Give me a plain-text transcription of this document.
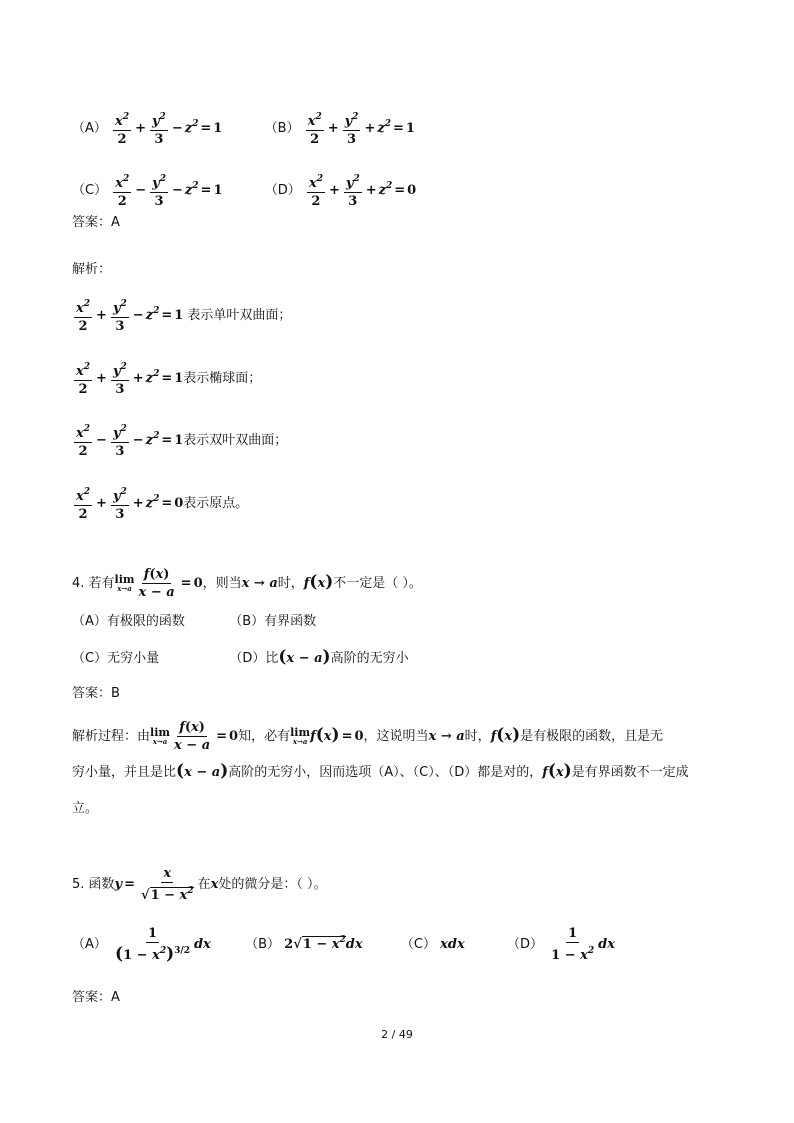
$(A) \frac{x^2}{2} + \frac{y^2}{3} - z^2 = 1$	$(B) \frac{x^2}{2} + \frac{y^2}{3} + z^2 = 1$
$(C) \frac{x^2}{2} - \frac{y^2}{3} - z^2 = 1$	$(D) \frac{x^2}{2} + \frac{y^2}{3} + z^2 = 0$
答案：A
解析：
$\frac{x^2}{2} + \frac{y^2}{3} - z^2 = 1$ 表示单叶双曲面；
$\frac{x^2}{2} + \frac{y^2}{3} + z^2 = 1$表示椭球面；
$\frac{x^2}{2} - \frac{y^2}{3} - z^2 = 1$表示双叶双曲面；
$\frac{x^2}{2} + \frac{y^2}{3} + z^2 = 0$表示原点。
4. 若有 lim
$x\to a \frac{f(x)}{x - a} = 0$，则当x → a时，f(x)不一定是（ ）。
（A）有极限的函数	（B）有界函数
（C）无穷小量	（D）比(x − a)高阶的无穷小
答案：B
解析过程：由 lim
$x\to a \frac{f(x)}{x - a} = 0$知，必有 lim
x→a f(x) = 0，这说明当x → a时，f(x)是有极限的函数，且是无
穷小量，并且是比(x − a)高阶的无穷小，因而选项（A）、（C）、（D）都是对的，f(x)是有界函数不一定成
立。
5. 函数$y = \frac{x}{√1 - x^2}$ 在x处的微分是：（ ）。
$(A) \frac{1}{(1 - x^2)^{3/2}}$ dx	（B） $2√1 - x^2dx$	（C） xdx	$(D) \frac{1}{1 - x^2}$ dx
答案：A
2 / 49
